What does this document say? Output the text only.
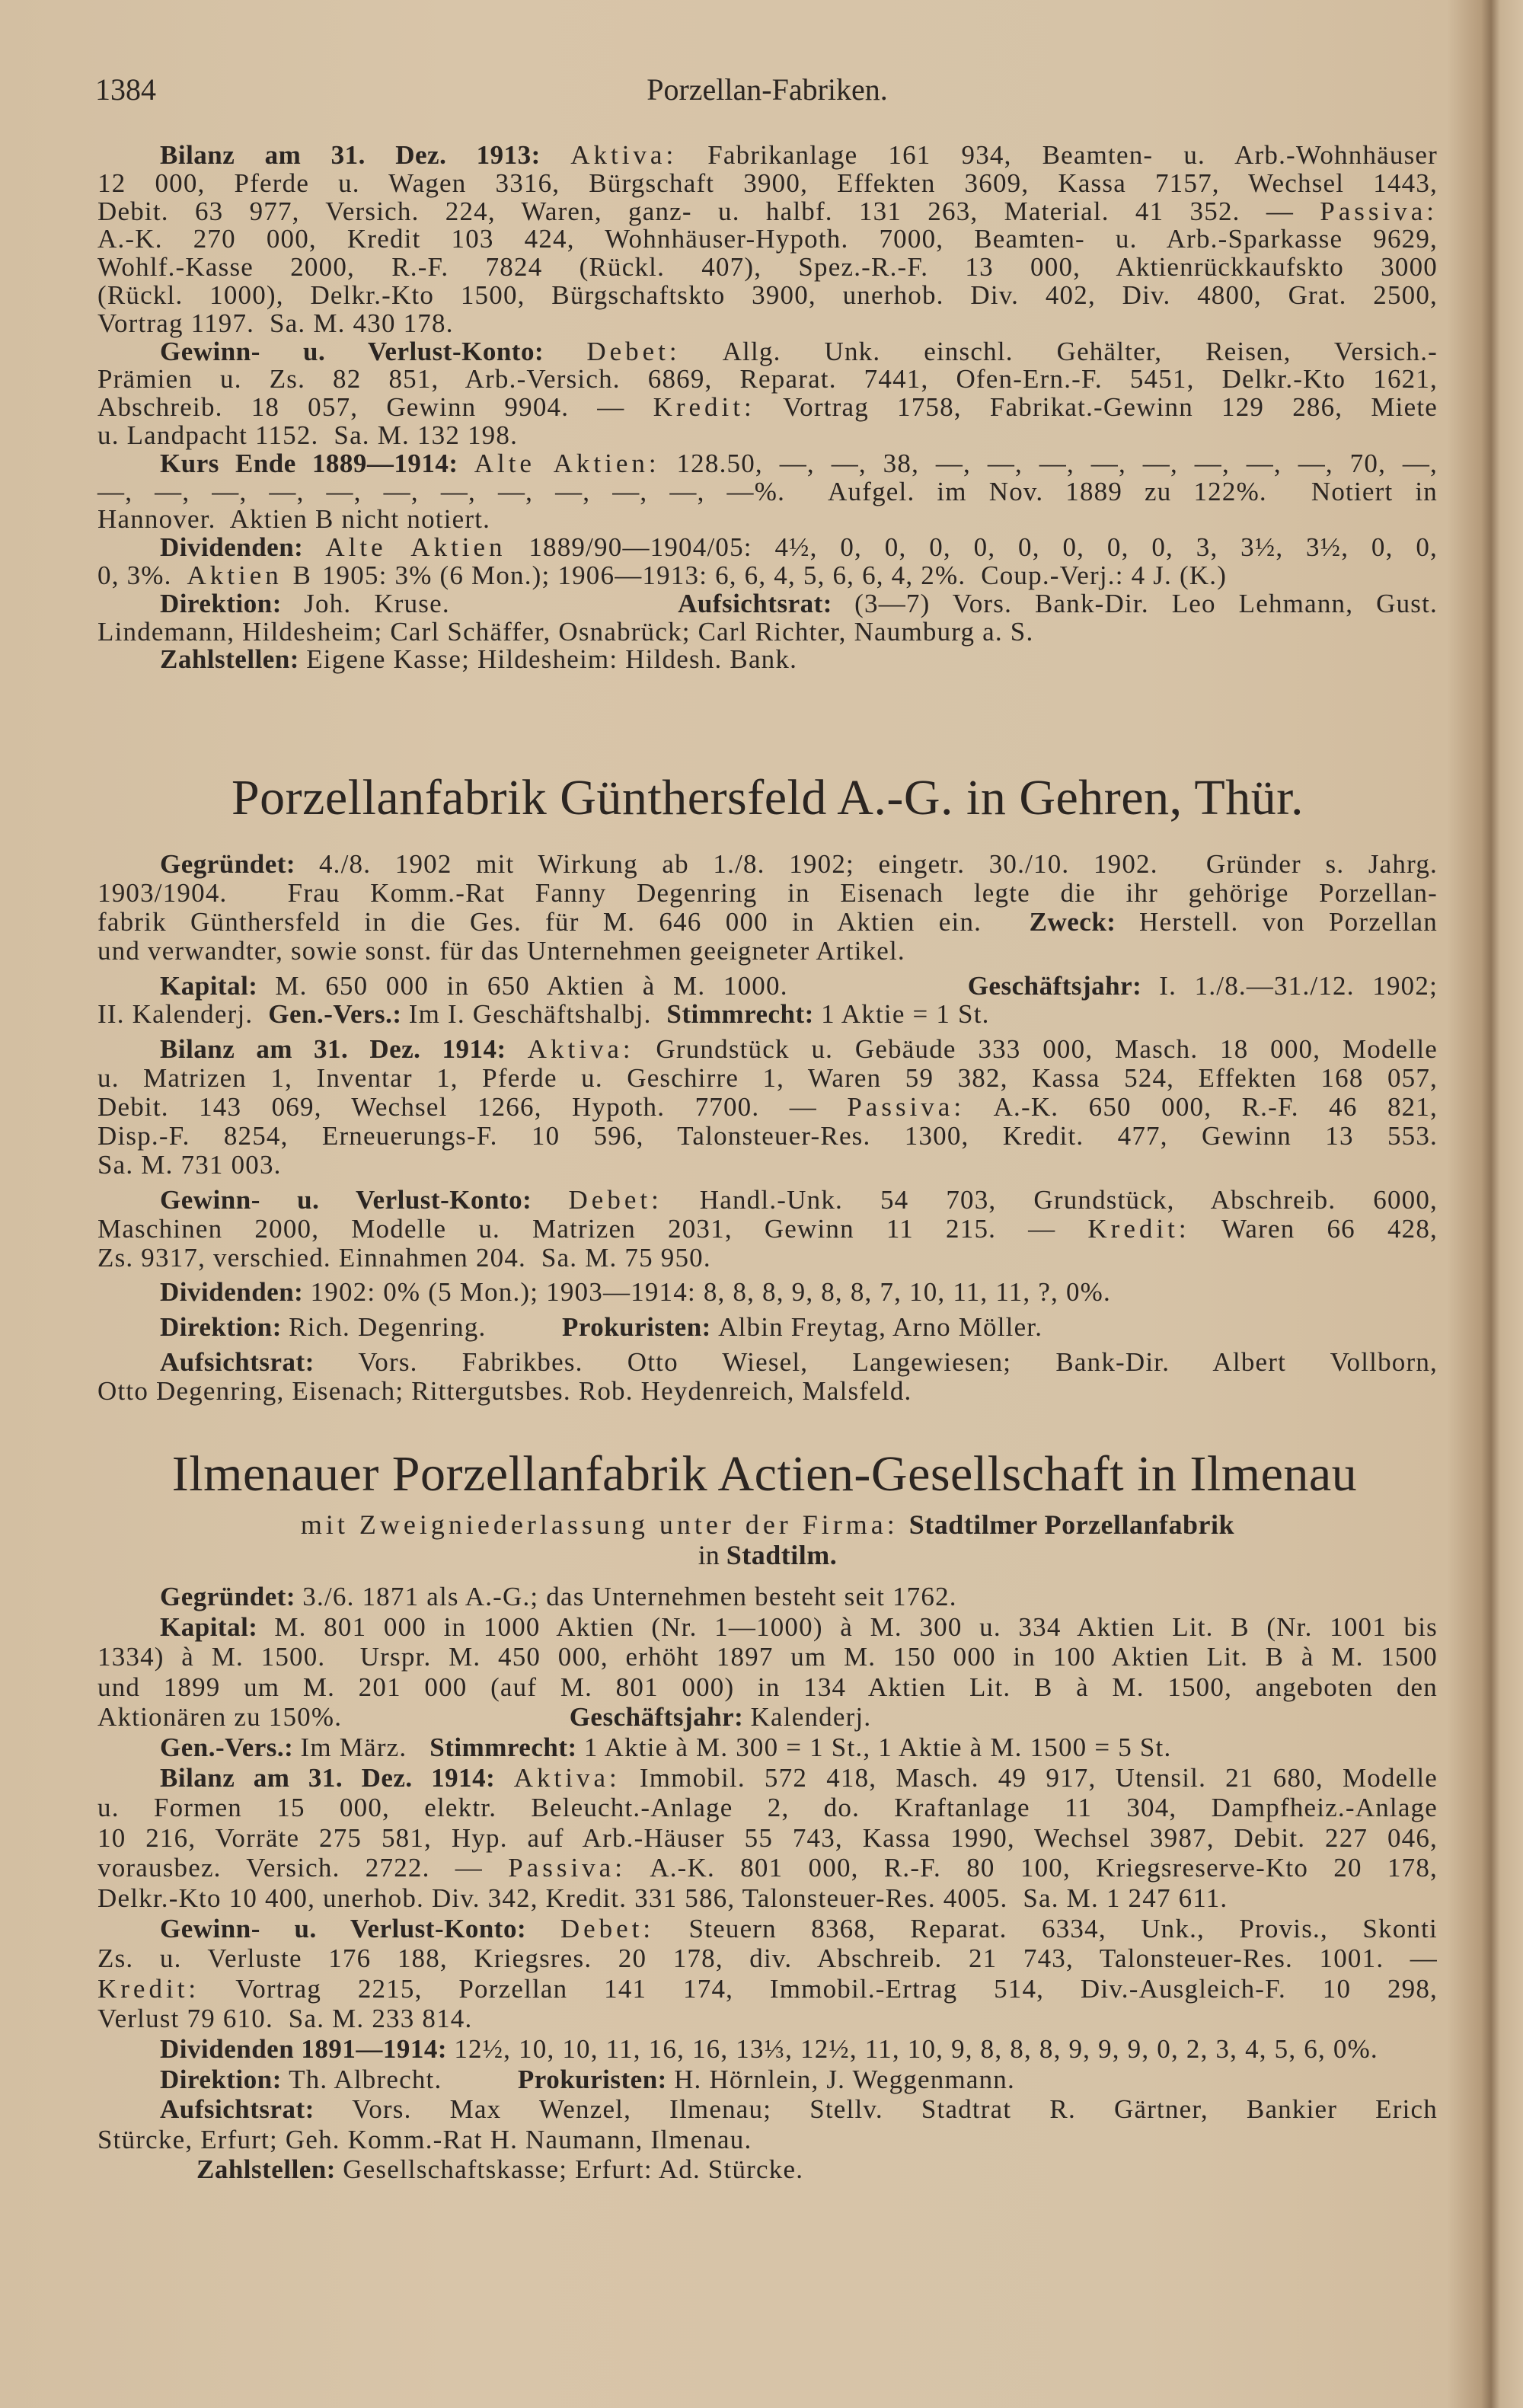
1384	Porzellan-Fabriken.
Bilanz am 31. Dez. 1913: Aktiva: Fabrikanlage 161 934, Beamten- u. Arb.-Wohnhäuser
12 000, Pferde u. Wagen 3316, Bürgschaft 3900, Effekten 3609, Kassa 7157, Wechsel 1443,
Debit. 63 977, Versich. 224, Waren, ganz- u. halbf. 131 263, Material. 41 352. — Passiva:
A.-K. 270 000, Kredit 103 424, Wohnhäuser-Hypoth. 7000, Beamten- u. Arb.-Sparkasse 9629,
Wohlf.-Kasse 2000, R.-F. 7824 (Rückl. 407), Spez.-R.-F. 13 000, Aktienrückkaufskto 3000
(Rückl. 1000), Delkr.-Kto 1500, Bürgschaftskto 3900, unerhob. Div. 402, Div. 4800, Grat. 2500,
Vortrag 1197.  Sa. M. 430 178.
Gewinn- u. Verlust-Konto: Debet: Allg. Unk. einschl. Gehälter, Reisen, Versich.-
Prämien u. Zs. 82 851, Arb.-Versich. 6869, Reparat. 7441, Ofen-Ern.-F. 5451, Delkr.-Kto 1621,
Abschreib. 18 057, Gewinn 9904. — Kredit: Vortrag 1758, Fabrikat.-Gewinn 129 286, Miete
u. Landpacht 1152.  Sa. M. 132 198.
Kurs Ende 1889—1914: Alte Aktien: 128.50, —, —, 38, —, —, —, —, —, —, —, —, 70, —,
—, —, —, —, —, —, —, —, —, —, —, —%.  Aufgel. im Nov. 1889 zu 122%.  Notiert in
Hannover.  Aktien B nicht notiert.
Dividenden: Alte Aktien 1889/90—1904/05: 4½, 0, 0, 0, 0, 0, 0, 0, 0, 3, 3½, 3½, 0, 0,
0, 3%.  Aktien B 1905: 3% (6 Mon.); 1906—1913: 6, 6, 4, 5, 6, 6, 4, 2%.  Coup.-Verj.: 4 J. (K.)
Direktion: Joh. Kruse.          Aufsichtsrat: (3—7) Vors. Bank-Dir. Leo Lehmann, Gust.
Lindemann, Hildesheim; Carl Schäffer, Osnabrück; Carl Richter, Naumburg a. S.
Zahlstellen: Eigene Kasse; Hildesheim: Hildesh. Bank.
Porzellanfabrik Günthersfeld A.-G. in Gehren, Thür.
Gegründet: 4./8. 1902 mit Wirkung ab 1./8. 1902; eingetr. 30./10. 1902.  Gründer s. Jahrg.
1903/1904.  Frau Komm.-Rat Fanny Degenring in Eisenach legte die ihr gehörige Porzellan-
fabrik Günthersfeld in die Ges. für M. 646 000 in Aktien ein.  Zweck: Herstell. von Porzellan
und verwandter, sowie sonst. für das Unternehmen geeigneter Artikel.
Kapital: M. 650 000 in 650 Aktien à M. 1000.          Geschäftsjahr: I. 1./8.—31./12. 1902;
II. Kalenderj.  Gen.-Vers.: Im I. Geschäftshalbj.  Stimmrecht: 1 Aktie = 1 St.
Bilanz am 31. Dez. 1914: Aktiva: Grundstück u. Gebäude 333 000, Masch. 18 000, Modelle
u. Matrizen 1, Inventar 1, Pferde u. Geschirre 1, Waren 59 382, Kassa 524, Effekten 168 057,
Debit. 143 069, Wechsel 1266, Hypoth. 7700. — Passiva: A.-K. 650 000, R.-F. 46 821,
Disp.-F. 8254, Erneuerungs-F. 10 596, Talonsteuer-Res. 1300, Kredit. 477, Gewinn 13 553.
Sa. M. 731 003.
Gewinn- u. Verlust-Konto: Debet: Handl.-Unk. 54 703, Grundstück, Abschreib. 6000,
Maschinen 2000, Modelle u. Matrizen 2031, Gewinn 11 215. — Kredit: Waren 66 428,
Zs. 9317, verschied. Einnahmen 204.  Sa. M. 75 950.
Dividenden: 1902: 0% (5 Mon.); 1903—1914: 8, 8, 8, 9, 8, 8, 7, 10, 11, 11, ?, 0%.
Direktion: Rich. Degenring.          Prokuristen: Albin Freytag, Arno Möller.
Aufsichtsrat: Vors. Fabrikbes. Otto Wiesel, Langewiesen; Bank-Dir. Albert Vollborn,
Otto Degenring, Eisenach; Rittergutsbes. Rob. Heydenreich, Malsfeld.
Ilmenauer Porzellanfabrik Actien-Gesellschaft in Ilmenau
mit Zweigniederlassung unter der Firma: Stadtilmer Porzellanfabrik
in Stadtilm.
Gegründet: 3./6. 1871 als A.-G.; das Unternehmen besteht seit 1762.
Kapital: M. 801 000 in 1000 Aktien (Nr. 1—1000) à M. 300 u. 334 Aktien Lit. B (Nr. 1001 bis
1334) à M. 1500.  Urspr. M. 450 000, erhöht 1897 um M. 150 000 in 100 Aktien Lit. B à M. 1500
und 1899 um M. 201 000 (auf M. 801 000) in 134 Aktien Lit. B à M. 1500, angeboten den
Aktionären zu 150%.                              Geschäftsjahr: Kalenderj.
Gen.-Vers.: Im März.   Stimmrecht: 1 Aktie à M. 300 = 1 St., 1 Aktie à M. 1500 = 5 St.
Bilanz am 31. Dez. 1914: Aktiva: Immobil. 572 418, Masch. 49 917, Utensil. 21 680, Modelle
u. Formen 15 000, elektr. Beleucht.-Anlage 2, do. Kraftanlage 11 304, Dampfheiz.-Anlage
10 216, Vorräte 275 581, Hyp. auf Arb.-Häuser 55 743, Kassa 1990, Wechsel 3987, Debit. 227 046,
vorausbez. Versich. 2722. — Passiva: A.-K. 801 000, R.-F. 80 100, Kriegsreserve-Kto 20 178,
Delkr.-Kto 10 400, unerhob. Div. 342, Kredit. 331 586, Talonsteuer-Res. 4005.  Sa. M. 1 247 611.
Gewinn- u. Verlust-Konto: Debet: Steuern 8368, Reparat. 6334, Unk., Provis., Skonti
Zs. u. Verluste 176 188, Kriegsres. 20 178, div. Abschreib. 21 743, Talonsteuer-Res. 1001. —
Kredit: Vortrag 2215, Porzellan 141 174, Immobil.-Ertrag 514, Div.-Ausgleich-F. 10 298,
Verlust 79 610.  Sa. M. 233 814.
Dividenden 1891—1914: 12½, 10, 10, 11, 16, 16, 13⅓, 12½, 11, 10, 9, 8, 8, 8, 9, 9, 9, 0, 2, 3, 4, 5, 6, 0%.
Direktion: Th. Albrecht.          Prokuristen: H. Hörnlein, J. Weggenmann.
Aufsichtsrat: Vors. Max Wenzel, Ilmenau; Stellv. Stadtrat R. Gärtner, Bankier Erich
Stürcke, Erfurt; Geh. Komm.-Rat H. Naumann, Ilmenau.
Zahlstellen: Gesellschaftskasse; Erfurt: Ad. Stürcke.
